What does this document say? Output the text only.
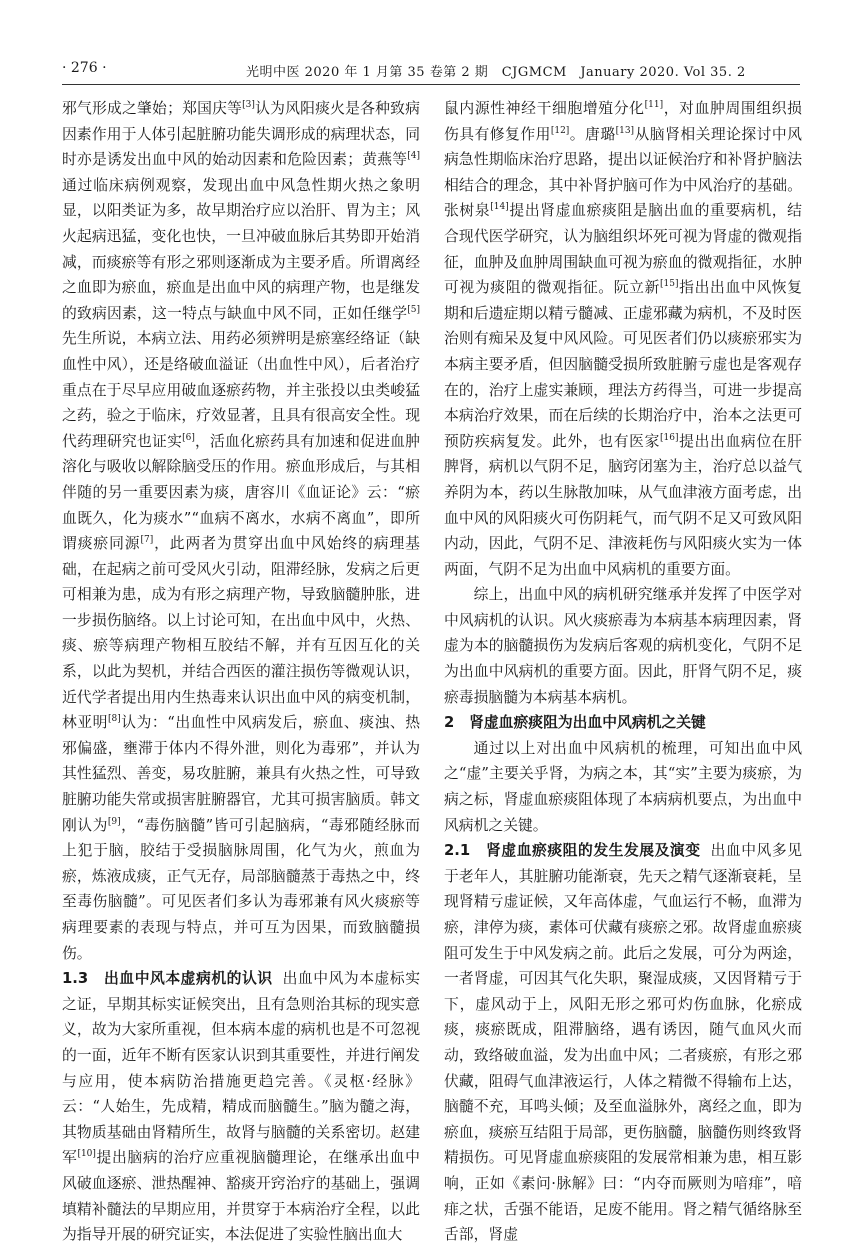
· 276 ·	光明中医 2020 年 1 月第 35 卷第 2 期　CJGMCM　January 2020. Vol 35. 2

邪气形成之肇始；郑国庆等[3]认为风阳痰火是各种致病因素作用于人体引起脏腑功能失调形成的病理状态，同时亦是诱发出血中风的始动因素和危险因素；黄燕等[4]通过临床病例观察，发现出血中风急性期火热之象明显，以阳类证为多，故早期治疗应以治肝、胃为主；风火起病迅猛，变化也快，一旦冲破血脉后其势即开始消减，而痰瘀等有形之邪则逐渐成为主要矛盾。所谓离经之血即为瘀血，瘀血是出血中风的病理产物，也是继发的致病因素，这一特点与缺血中风不同，正如任继学[5]先生所说，本病立法、用药必须辨明是瘀塞经络证（缺血性中风），还是络破血溢证（出血性中风），后者治疗重点在于尽早应用破血逐瘀药物，并主张投以虫类峻猛之药，验之于临床，疗效显著，且具有很高安全性。现代药理研究也证实[6]，活血化瘀药具有加速和促进血肿溶化与吸收以解除脑受压的作用。瘀血形成后，与其相伴随的另一重要因素为痰，唐容川《血证论》云：“瘀血既久，化为痰水”“血病不离水，水病不离血”，即所谓痰瘀同源[7]，此两者为贯穿出血中风始终的病理基础，在起病之前可受风火引动，阻滞经脉，发病之后更可相兼为患，成为有形之病理产物，导致脑髓肿胀，进一步损伤脑络。以上讨论可知，在出血中风中，火热、痰、瘀等病理产物相互胶结不解，并有互因互化的关系，以此为契机，并结合西医的灌注损伤等微观认识，近代学者提出用内生热毒来认识出血中风的病变机制，林亚明[8]认为：“出血性中风病发后，瘀血、痰浊、热邪偏盛，壅滞于体内不得外泄，则化为毒邪”，并认为其性猛烈、善变，易攻脏腑，兼具有火热之性，可导致脏腑功能失常或损害脏腑器官，尤其可损害脑质。韩文刚认为[9]，“毒伤脑髓”皆可引起脑病，“毒邪随经脉而上犯于脑，胶结于受损脑脉周围，化气为火，煎血为瘀，炼液成痰，正气无存，局部脑髓蒸于毒热之中，终至毒伤脑髓”。可见医者们多认为毒邪兼有风火痰瘀等病理要素的表现与特点，并可互为因果，而致脑髓损伤。

1.3　出血中风本虚病机的认识 出血中风为本虚标实之证，早期其标实证候突出，且有急则治其标的现实意义，故为大家所重视，但本病本虚的病机也是不可忽视的一面，近年不断有医家认识到其重要性，并进行阐发与应用，使本病防治措施更趋完善。《灵枢·经脉》云：“人始生，先成精，精成而脑髓生。”脑为髓之海，其物质基础由肾精所生，故肾与脑髓的关系密切。赵建军[10]提出脑病的治疗应重视脑髓理论，在继承出血中风破血逐瘀、泄热醒神、豁痰开窍治疗的基础上，强调填精补髓法的早期应用，并贯穿于本病治疗全程，以此为指导开展的研究证实，本法促进了实验性脑出血大

鼠内源性神经干细胞增殖分化[11]，对血肿周围组织损伤具有修复作用[12]。唐璐[13]从脑肾相关理论探讨中风病急性期临床治疗思路，提出以证候治疗和补肾护脑法相结合的理念，其中补肾护脑可作为中风治疗的基础。张树泉[14]提出肾虚血瘀痰阻是脑出血的重要病机，结合现代医学研究，认为脑组织坏死可视为肾虚的微观指征，血肿及血肿周围缺血可视为瘀血的微观指征，水肿可视为痰阻的微观指征。阮立新[15]指出出血中风恢复期和后遗症期以精亏髓减、正虚邪藏为病机，不及时医治则有痴呆及复中风风险。可见医者们仍以痰瘀邪实为本病主要矛盾，但因脑髓受损所致脏腑亏虚也是客观存在的，治疗上虚实兼顾，理法方药得当，可进一步提高本病治疗效果，而在后续的长期治疗中，治本之法更可预防疾病复发。此外，也有医家[16]提出出血病位在肝脾肾，病机以气阴不足，脑窍闭塞为主，治疗总以益气养阴为本，药以生脉散加味，从气血津液方面考虑，出血中风的风阳痰火可伤阴耗气，而气阴不足又可致风阳内动，因此，气阴不足、津液耗伤与风阳痰火实为一体两面，气阴不足为出血中风病机的重要方面。

综上，出血中风的病机研究继承并发挥了中医学对中风病机的认识。风火痰瘀毒为本病基本病理因素，肾虚为本的脑髓损伤为发病后客观的病机变化，气阴不足为出血中风病机的重要方面。因此，肝肾气阴不足，痰瘀毒损脑髓为本病基本病机。

2　肾虚血瘀痰阻为出血中风病机之关键

通过以上对出血中风病机的梳理，可知出血中风之“虚”主要关乎肾，为病之本，其“实”主要为痰瘀，为病之标，肾虚血瘀痰阻体现了本病病机要点，为出血中风病机之关键。

2.1　肾虚血瘀痰阻的发生发展及演变 出血中风多见于老年人，其脏腑功能渐衰，先天之精气逐渐衰耗，呈现肾精亏虚证候，又年高体虚，气血运行不畅，血滞为瘀，津停为痰，素体可伏藏有痰瘀之邪。故肾虚血瘀痰阻可发生于中风发病之前。此后之发展，可分为两途，一者肾虚，可因其气化失职，聚湿成痰，又因肾精亏于下，虚风动于上，风阳无形之邪可灼伤血脉，化瘀成痰，痰瘀既成，阻滞脑络，遇有诱因，随气血风火而动，致络破血溢，发为出血中风；二者痰瘀，有形之邪伏藏，阻碍气血津液运行，人体之精微不得输布上达，脑髓不充，耳鸣头倾；及至血溢脉外，离经之血，即为瘀血，痰瘀互结阻于局部，更伤脑髓，脑髓伤则终致肾精损伤。可见肾虚血瘀痰阻的发展常相兼为患，相互影响，正如《素问·脉解》曰：“内夺而厥则为喑痱”，喑痱之状，舌强不能语，足废不能用。肾之精气循络脉至舌部，肾虚
